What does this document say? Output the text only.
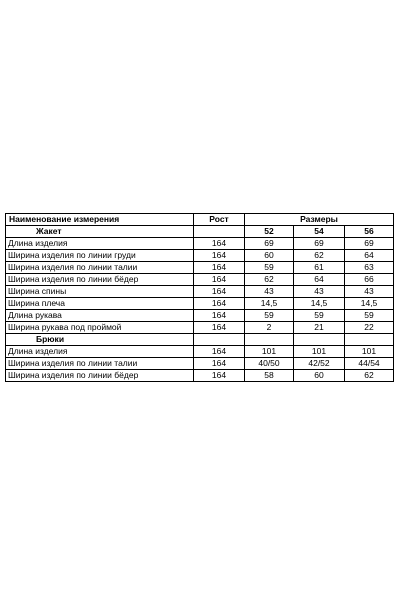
Наименование измерения	Рост	Размеры		
Жакет		52	54	56
Длина изделия	164	69	69	69
Ширина изделия по линии груди	164	60	62	64
Ширина изделия по линии талии	164	59	61	63
Ширина изделия по линии бёдер	164	62	64	66
Ширина спины	164	43	43	43
Ширина плеча	164	14,5	14,5	14,5
Длина рукава	164	59	59	59
Ширина рукава под проймой	164	2	21	22
Брюки				
Длина изделия	164	101	101	101
Ширина изделия по линии талии	164	40/50	42/52	44/54
Ширина изделия по линии бёдер	164	58	60	62
